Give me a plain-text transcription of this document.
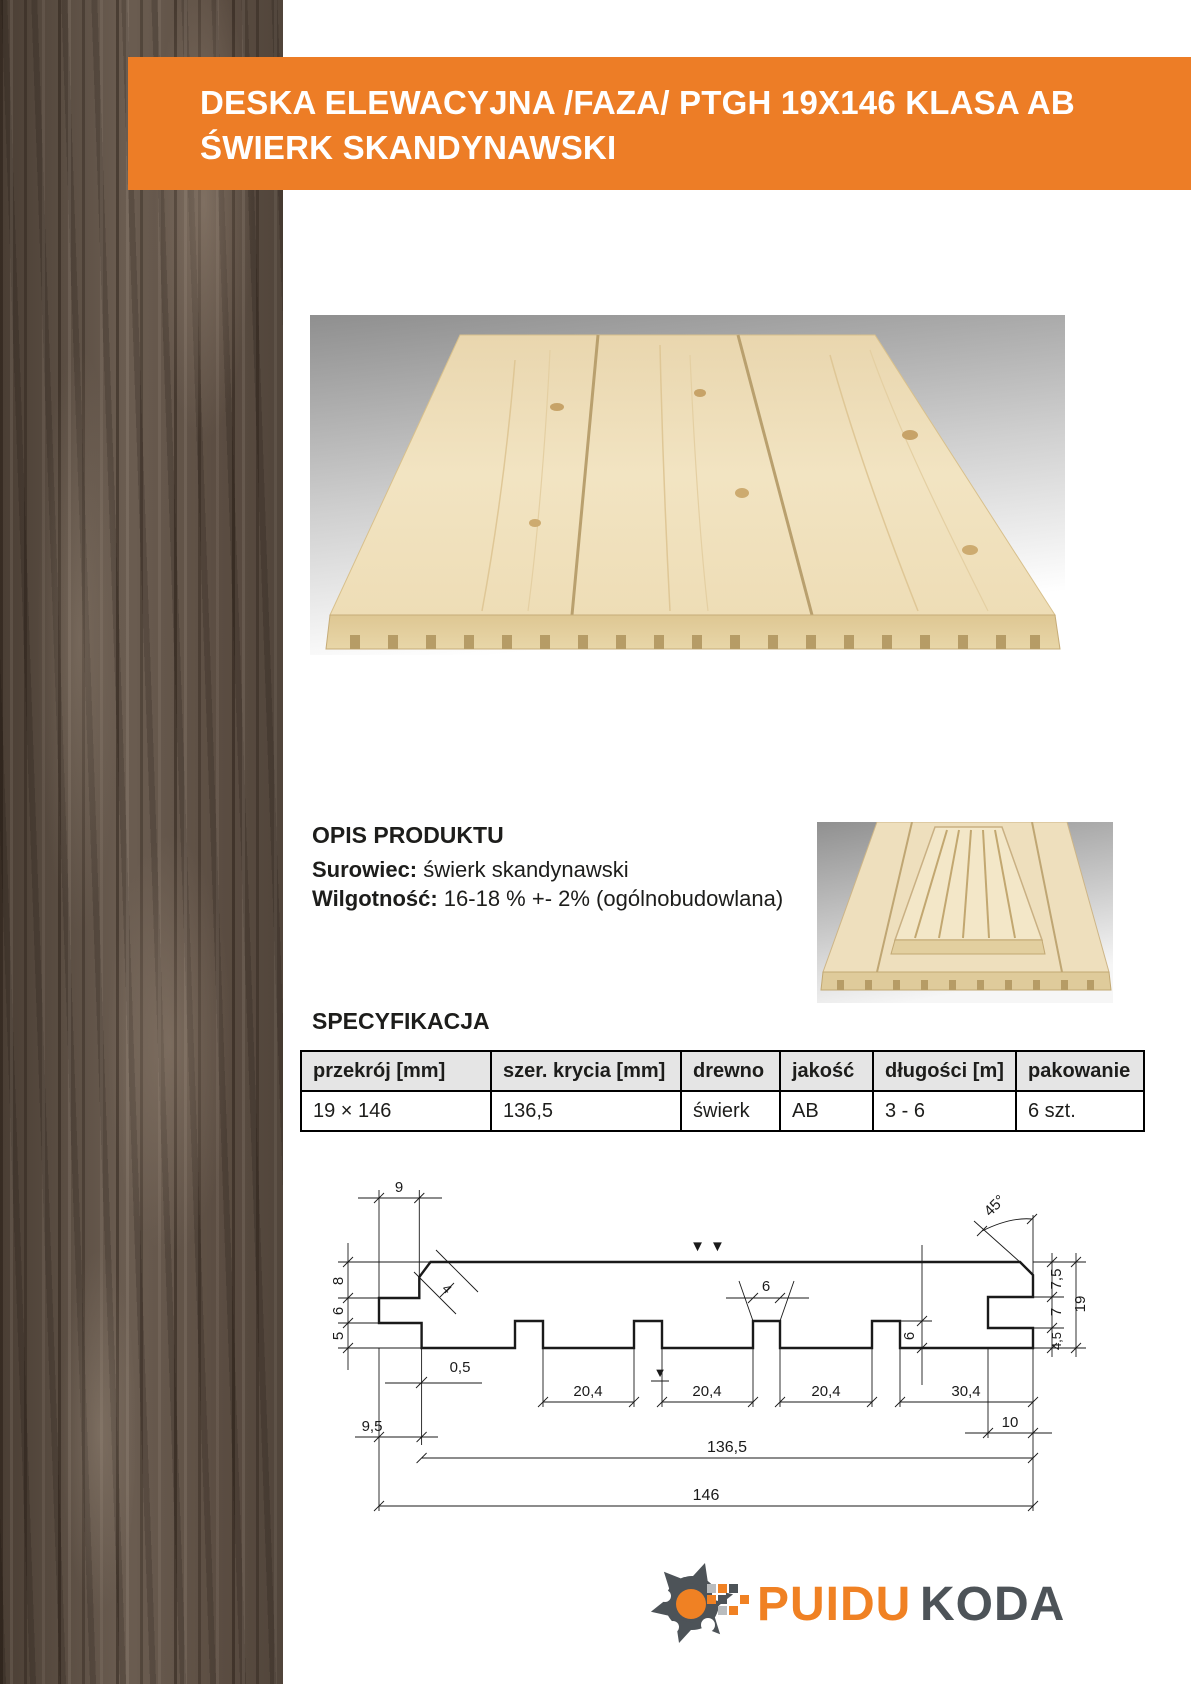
DESKA ELEWACYJNA /FAZA/ PTGH 19X146 KLASA AB
ŚWIERK SKANDYNAWSKI
OPIS PRODUKTU

Surowiec: świerk skandynawski

Wilgotność: 16-18 % +- 2% (ogólnobudowlana)

SPECYFIKACJA
przekrój [mm]	szer. krycia [mm]	drewno	jakość	długości [m]	pakowanie
19 × 146	136,5	świerk	AB	3 - 6	6 szt.
9
45°
8
6
5
4	6
0,5
6
7,5
7 19
4,5
9,5	10
20,4	20,4	20,4	30,4
136,5
146
▼▼
▼
PUIDU KODA
